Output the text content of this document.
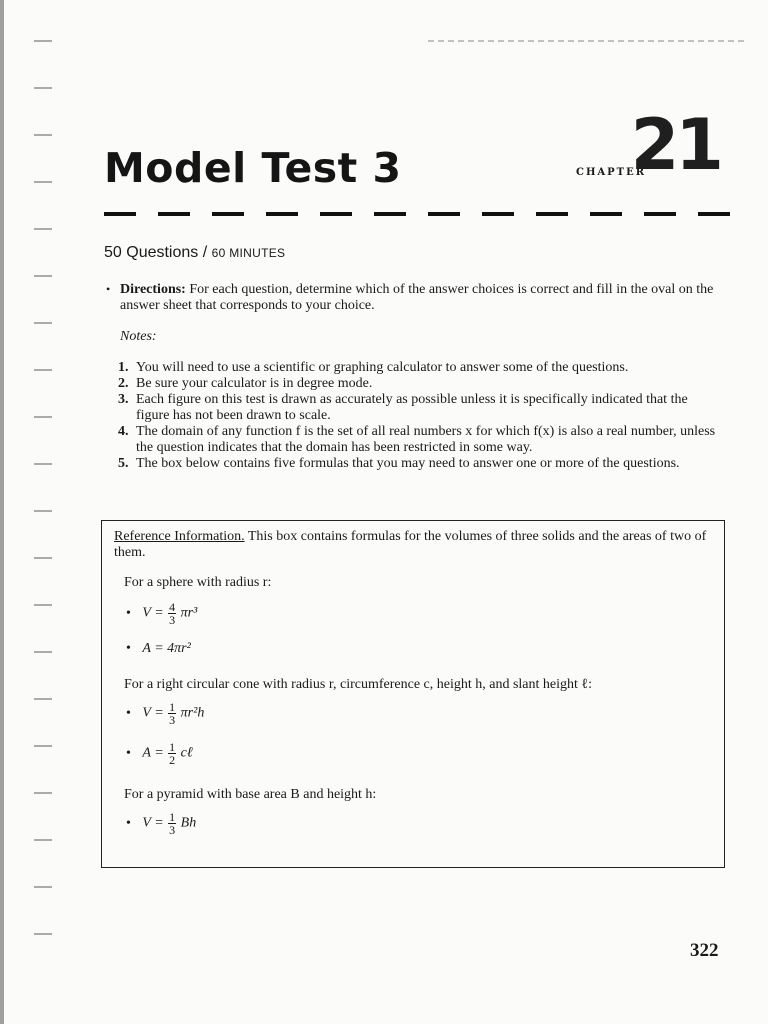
Model Test 3	CHAPTER
21
50 Questions / 60 MINUTES
• Directions: For each question, determine which of the answer choices is correct and fill in the oval on the answer sheet that corresponds to your choice.
Notes:
1. You will need to use a scientific or graphing calculator to answer some of the questions.
2. Be sure your calculator is in degree mode.
3. Each figure on this test is drawn as accurately as possible unless it is specifically indicated that the figure has not been drawn to scale.
4. The domain of any function f is the set of all real numbers x for which f(x) is also a real number, unless the question indicates that the domain has been restricted in some way.
5. The box below contains five formulas that you may need to answer one or more of the questions.
Reference Information. This box contains formulas for the volumes of three solids and the areas of two of them.
For a sphere with radius r:
• $V = \frac{4}{3} \pi r^3$
• A = 4πr²
For a right circular cone with radius r, circumference c, height h, and slant height ℓ:
• $V = \frac{1}{3} \pi r^2h$
• $A = \frac{1}{2}$ cℓ
For a pyramid with base area B and height h:
• $V = \frac{1}{3}$ Bh
322
